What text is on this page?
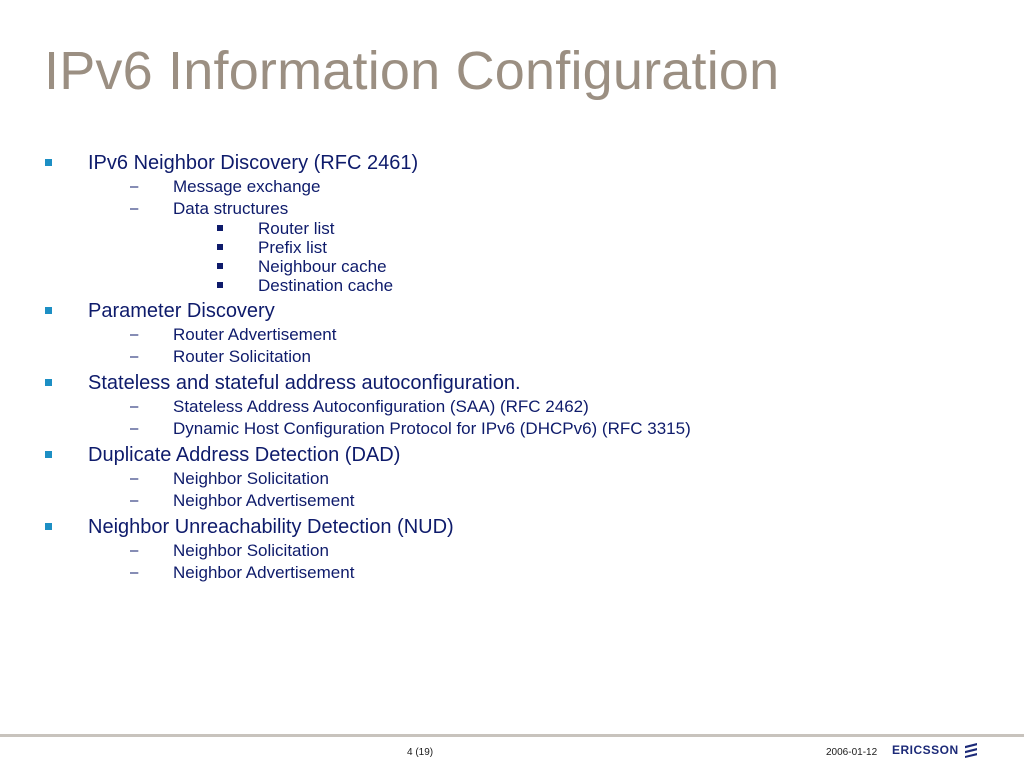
IPv6 Information Configuration
IPv6 Neighbor Discovery (RFC 2461)
– Message exchange
– Data structures
Router list
Prefix list
Neighbour cache
Destination cache
Parameter Discovery
– Router Advertisement
– Router Solicitation
Stateless and stateful address autoconfiguration.
– Stateless Address Autoconfiguration (SAA) (RFC 2462)
– Dynamic Host Configuration Protocol for IPv6 (DHCPv6) (RFC 3315)
Duplicate Address Detection (DAD)
– Neighbor Solicitation
– Neighbor Advertisement
Neighbor Unreachability Detection (NUD)
– Neighbor Solicitation
– Neighbor Advertisement
4 (19)	2006-01-12 ERICSSON
